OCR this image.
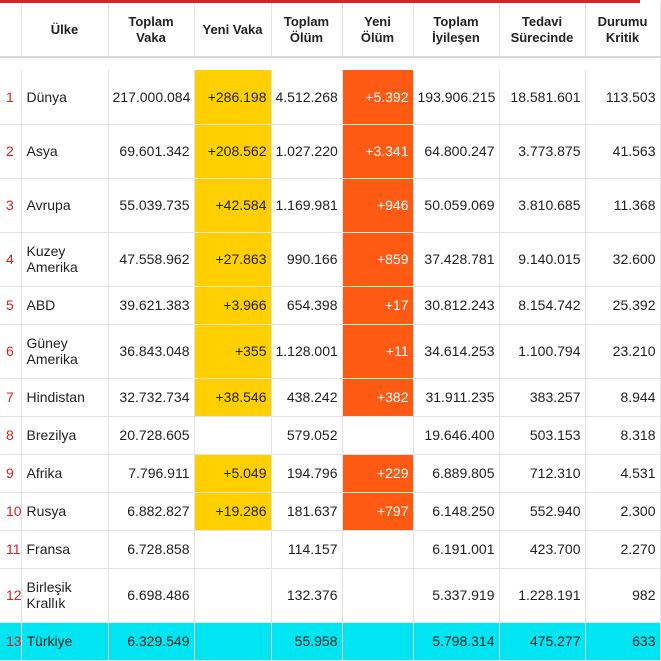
	Ülke	Toplam Vaka	Yeni Vaka	Toplam Ölüm	Yeni Ölüm	Toplam İyileşen	Tedavi Sürecinde	Durumu Kritik

1	Dünya	217.000.084	+286.198	4.512.268	+5.392	193.906.215	18.581.601	113.503
2	Asya	69.601.342	+208.562	1.027.220	+3.341	64.800.247	3.773.875	41.563
3	Avrupa	55.039.735	+42.584	1.169.981	+946	50.059.069	3.810.685	11.368
4	Kuzey Amerika	47.558.962	+27.863	990.166	+859	37.428.781	9.140.015	32.600
5	ABD	39.621.383	+3.966	654.398	+17	30.812.243	8.154.742	25.392
6	Güney Amerika	36.843.048	+355	1.128.001	+11	34.614.253	1.100.794	23.210
7	Hindistan	32.732.734	+38.546	438.242	+382	31.911.235	383.257	8.944
8	Brezilya	20.728.605		579.052		19.646.400	503.153	8.318
9	Afrika	7.796.911	+5.049	194.796	+229	6.889.805	712.310	4.531
10	Rusya	6.882.827	+19.286	181.637	+797	6.148.250	552.940	2.300
11	Fransa	6.728.858		114.157		6.191.001	423.700	2.270
12	Birleşik Krallık	6.698.486		132.376		5.337.919	1.228.191	982
13	Türkiye	6.329.549		55.958		5.798.314	475.277	633
